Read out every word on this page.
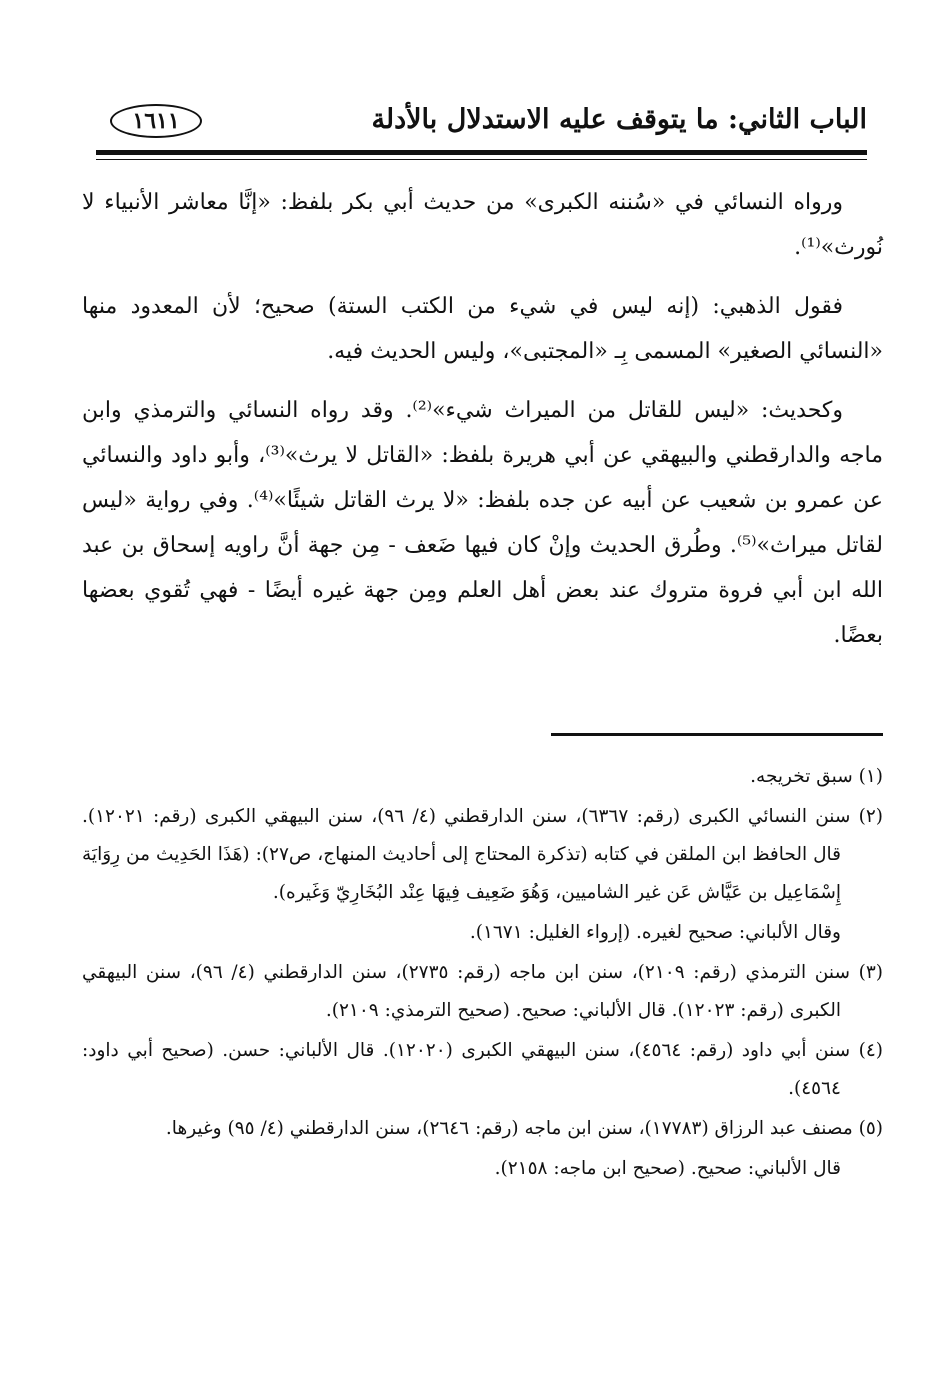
الباب الثاني: ما يتوقف عليه الاستدلال بالأدلة
١٦١١

ورواه النسائي في «سُننه الكبرى» من حديث أبي بكر بلفظ: «إنَّا معاشر الأنبياء لا نُورث»⁽¹⁾.

فقول الذهبي: (إنه ليس في شيء من الكتب الستة) صحيح؛ لأن المعدود منها «النسائي الصغير» المسمى بِـ «المجتبى»، وليس الحديث فيه.

وكحديث: «ليس للقاتل من الميراث شيء»⁽²⁾. وقد رواه النسائي والترمذي وابن ماجه والدارقطني والبيهقي عن أبي هريرة بلفظ: «القاتل لا يرث»⁽³⁾، وأبو داود والنسائي عن عمرو بن شعيب عن أبيه عن جده بلفظ: «لا يرث القاتل شيئًا»⁽⁴⁾. وفي رواية «ليس لقاتل ميراث»⁽⁵⁾. وطُرق الحديث وإنْ كان فيها ضَعف - مِن جهة أنَّ راويه إسحاق بن عبد الله ابن أبي فروة متروك عند بعض أهل العلم ومِن جهة غيره أيضًا - فهي تُقوي بعضها بعضًا.

(١) سبق تخريجه.

(٢) سنن النسائي الكبرى (رقم: ٦٣٦٧)، سنن الدارقطني (٤/ ٩٦)، سنن البيهقي الكبرى (رقم: ١٢٠٢١). قال الحافظ ابن الملقن في كتابه (تذكرة المحتاج إلى أحاديث المنهاج، ص٢٧): (هَذَا الحَدِيث من رِوَايَة إِسْمَاعِيل بن عَيَّاش عَن غير الشاميين، وَهُوَ ضَعِيف فِيهَا عِنْد البُخَارِيّ وَغَيره).

وقال الألباني: صحيح لغيره. (إرواء الغليل: ١٦٧١).

(٣) سنن الترمذي (رقم: ٢١٠٩)، سنن ابن ماجه (رقم: ٢٧٣٥)، سنن الدارقطني (٤/ ٩٦)، سنن البيهقي الكبرى (رقم: ١٢٠٢٣). قال الألباني: صحيح. (صحيح الترمذي: ٢١٠٩).

(٤) سنن أبي داود (رقم: ٤٥٦٤)، سنن البيهقي الكبرى (١٢٠٢٠). قال الألباني: حسن. (صحيح أبي داود: ٤٥٦٤).

(٥) مصنف عبد الرزاق (١٧٧٨٣)، سنن ابن ماجه (رقم: ٢٦٤٦)، سنن الدارقطني (٤/ ٩٥) وغيرها.

قال الألباني: صحيح. (صحيح ابن ماجه: ٢١٥٨).
